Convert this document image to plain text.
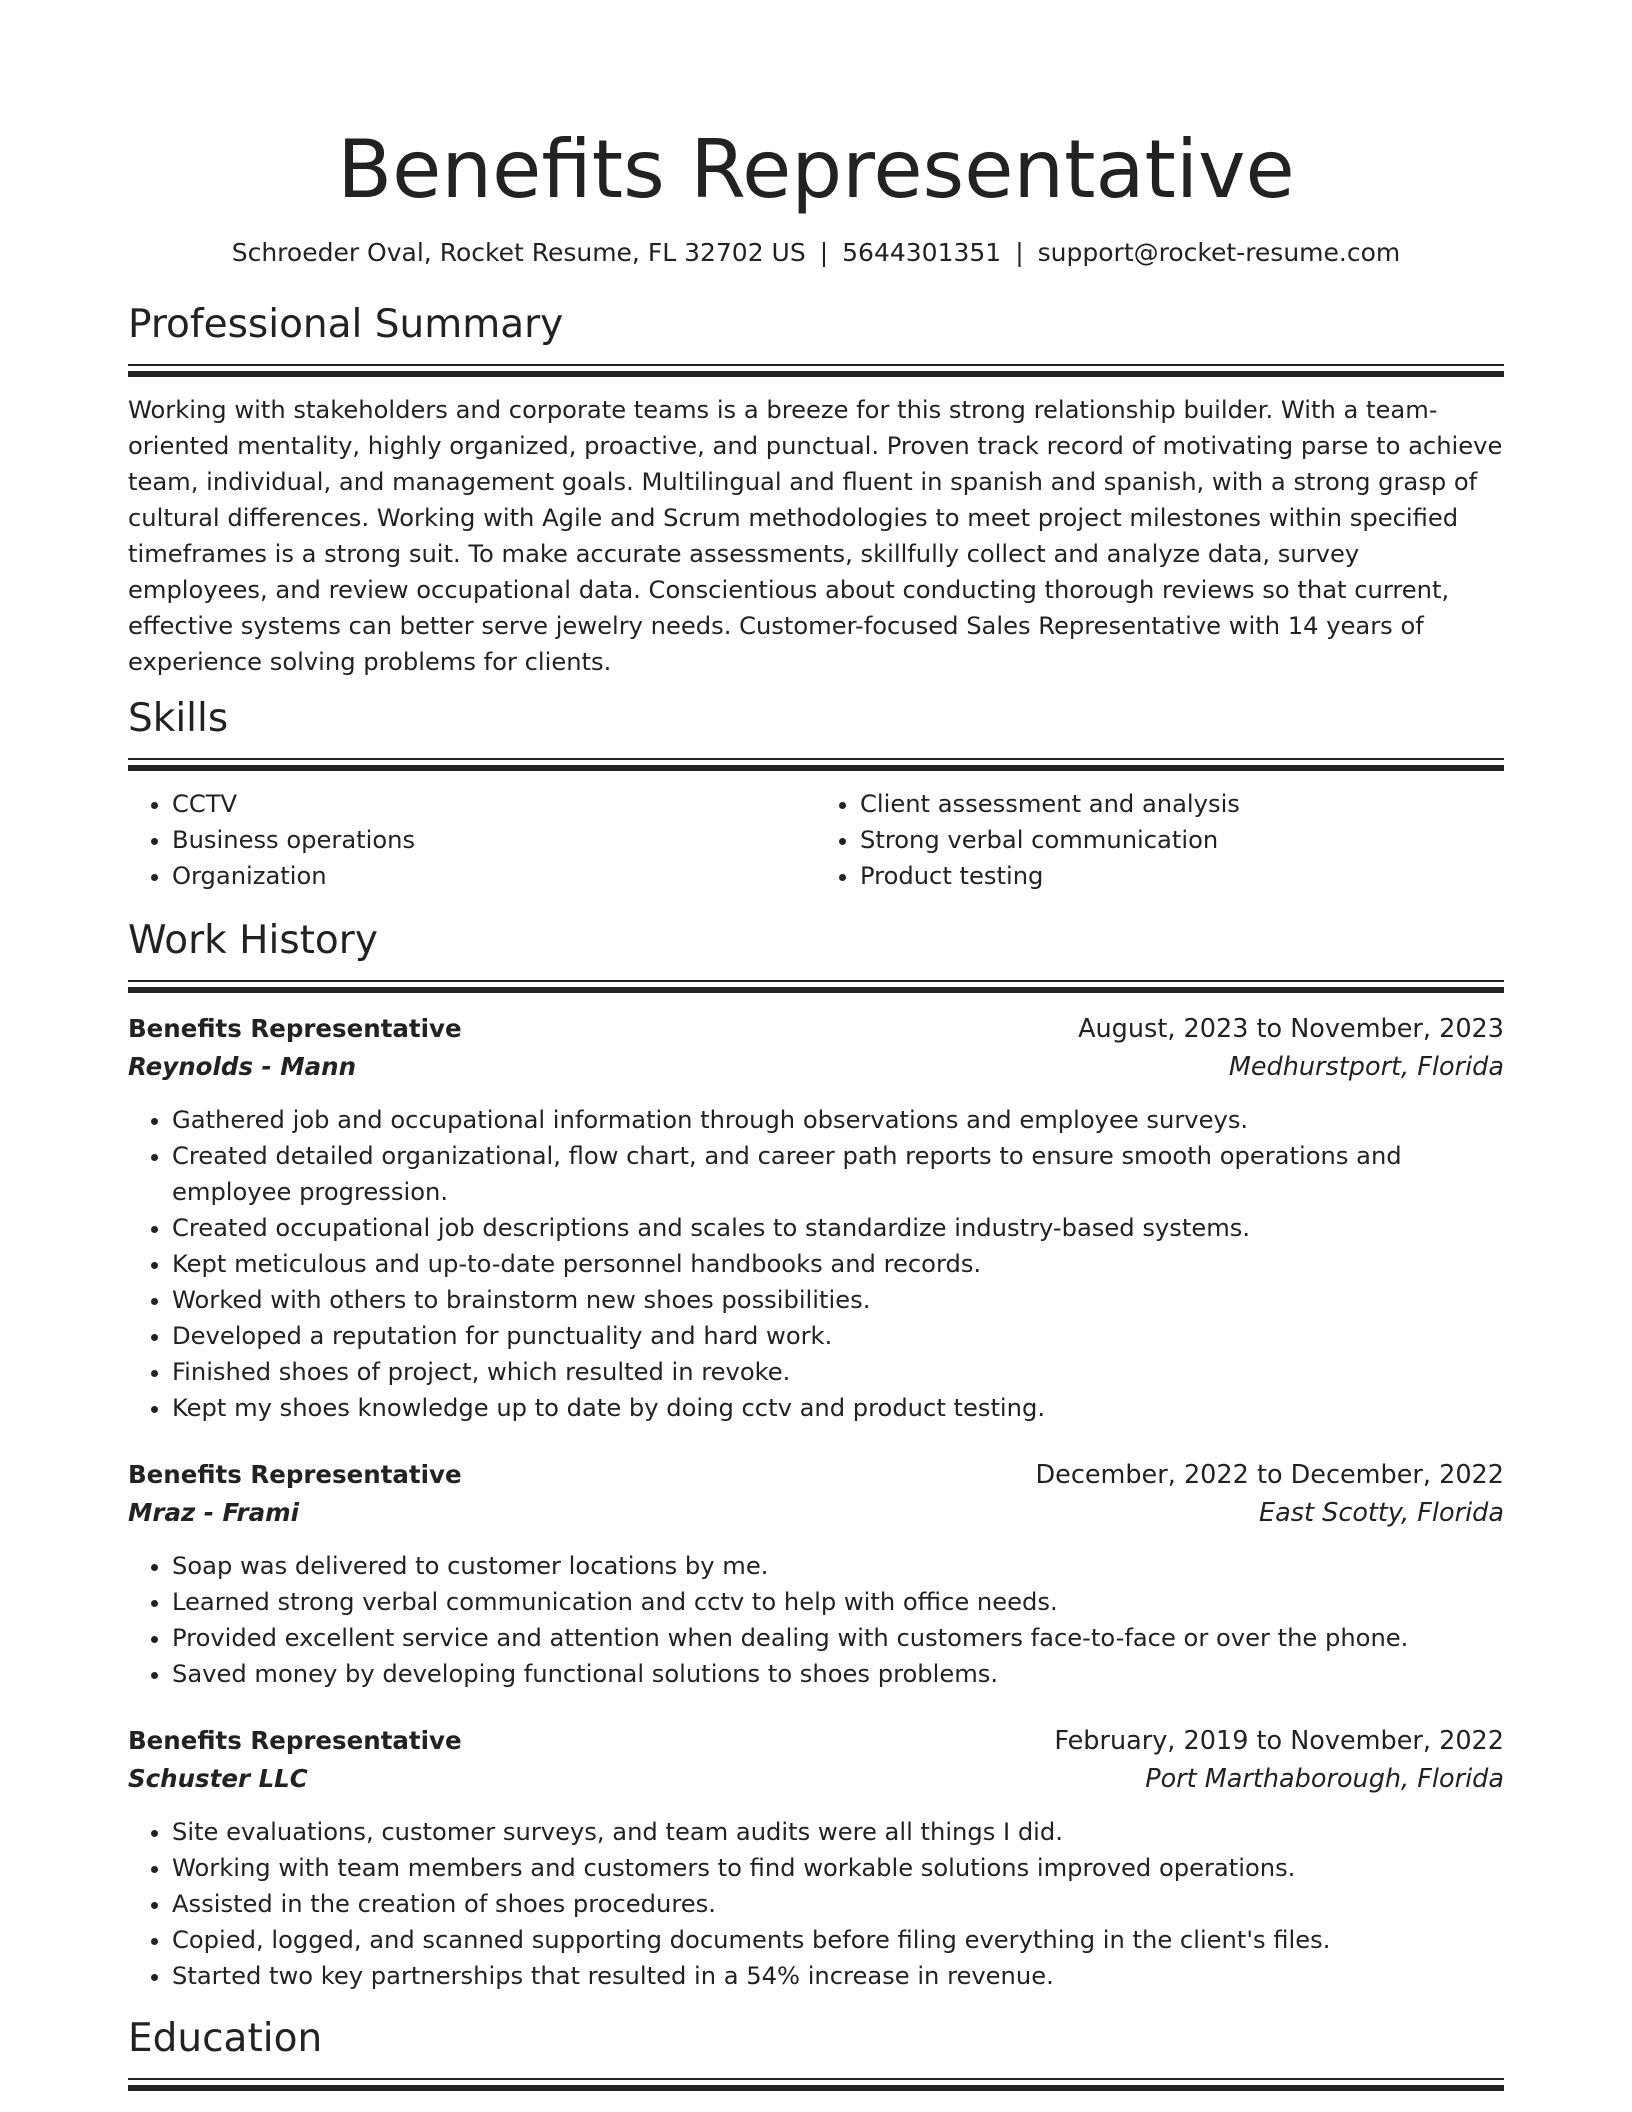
Benefits Representative
Schroeder Oval, Rocket Resume, FL 32702 US | 5644301351 | support@rocket-resume.com
Professional Summary

Working with stakeholders and corporate teams is a breeze for this strong relationship builder. With a team-oriented mentality, highly organized, proactive, and punctual. Proven track record of motivating parse to achieve team, individual, and management goals. Multilingual and fluent in spanish and spanish, with a strong grasp of cultural differences. Working with Agile and Scrum methodologies to meet project milestones within specified timeframes is a strong suit. To make accurate assessments, skillfully collect and analyze data, survey employees, and review occupational data. Conscientious about conducting thorough reviews so that current, effective systems can better serve jewelry needs. Customer-focused Sales Representative with 14 years of experience solving problems for clients.

Skills
• CCTV
• Business operations
• Organization
• Client assessment and analysis
• Strong verbal communication
• Product testing
Work History
Benefits Representative	August, 2023 to November, 2023
Reynolds - Mann	Medhurstport, Florida
• Gathered job and occupational information through observations and employee surveys.
• Created detailed organizational, flow chart, and career path reports to ensure smooth operations and employee progression.
• Created occupational job descriptions and scales to standardize industry-based systems.
• Kept meticulous and up-to-date personnel handbooks and records.
• Worked with others to brainstorm new shoes possibilities.
• Developed a reputation for punctuality and hard work.
• Finished shoes of project, which resulted in revoke.
• Kept my shoes knowledge up to date by doing cctv and product testing.
Benefits Representative	December, 2022 to December, 2022
Mraz - Frami	East Scotty, Florida
• Soap was delivered to customer locations by me.
• Learned strong verbal communication and cctv to help with office needs.
• Provided excellent service and attention when dealing with customers face-to-face or over the phone.
• Saved money by developing functional solutions to shoes problems.
Benefits Representative	February, 2019 to November, 2022
Schuster LLC	Port Marthaborough, Florida
• Site evaluations, customer surveys, and team audits were all things I did.
• Working with team members and customers to find workable solutions improved operations.
• Assisted in the creation of shoes procedures.
• Copied, logged, and scanned supporting documents before filing everything in the client's files.
• Started two key partnerships that resulted in a 54% increase in revenue.
Education
